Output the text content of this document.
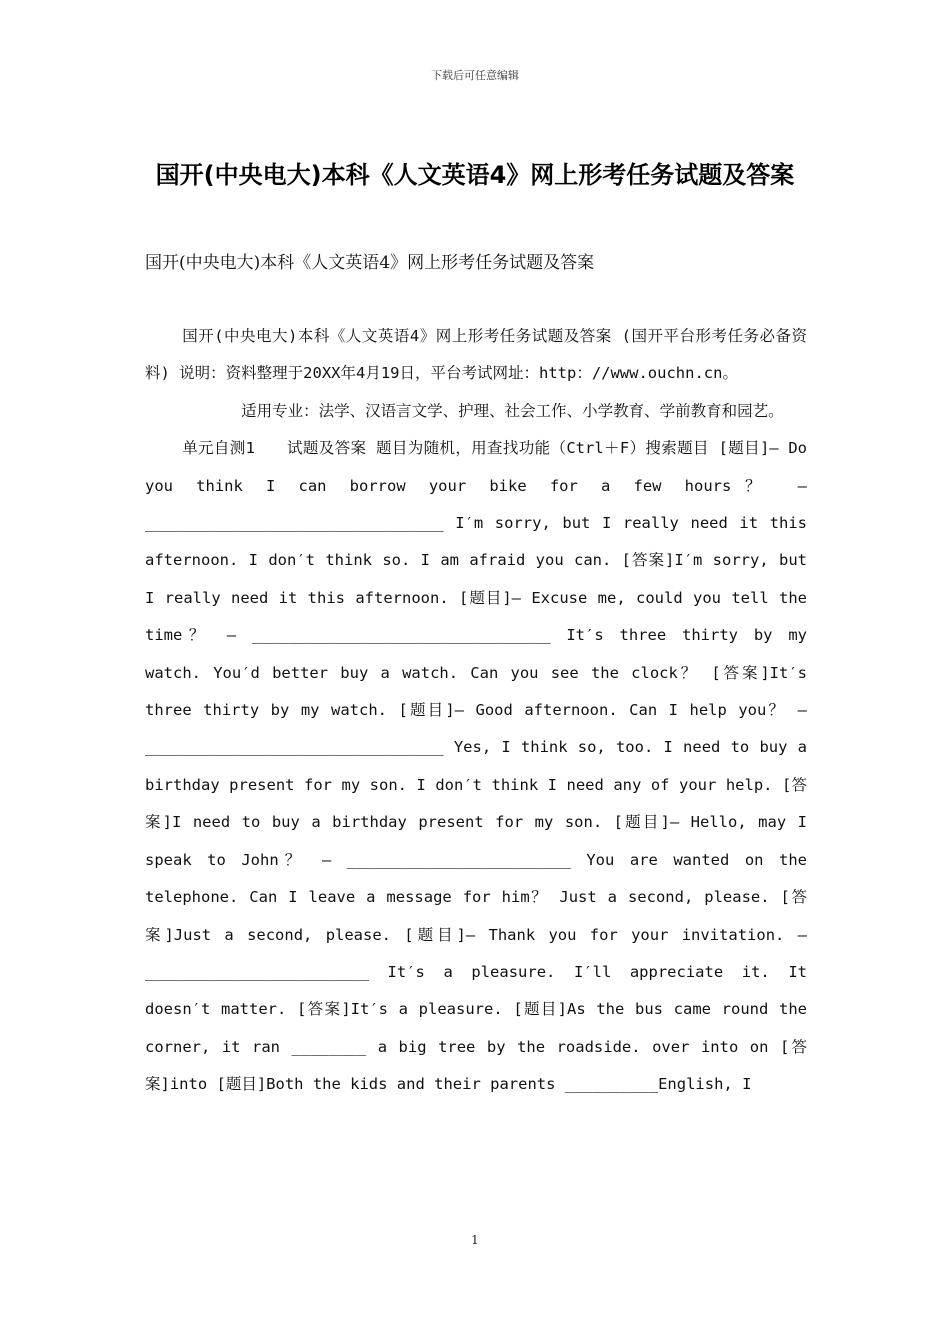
下载后可任意编辑
国开(中央电大)本科《人文英语4》网上形考任务试题及答案
国开(中央电大)本科《人文英语4》网上形考任务试题及答案

国开(中央电大)本科《人文英语4》网上形考任务试题及答案 (国开平台形考任务必备资料) 说明：资料整理于20XX年4月19日，平台考试网址：http：//www.ouchn.cn。

适用专业：法学、汉语言文学、护理、社会工作、小学教育、学前教育和园艺。

单元自测1　　试题及答案 题目为随机，用查找功能（Ctrl＋F）搜索题目 [题目]– Do you think I can borrow your bike for a few hours？ – ________________________________ I′m sorry, but I really need it this afternoon. I don′t think so. I am afraid you can. [答案]I′m sorry, but I really need it this afternoon. [题目]– Excuse me, could you tell the time？ – ________________________________ It′s three thirty by my watch. You′d better buy a watch. Can you see the clock？ [答案]It′s three thirty by my watch. [题目]– Good afternoon. Can I help you？ – ________________________________ Yes, I think so, too. I need to buy a birthday present for my son. I don′t think I need any of your help. [答案]I need to buy a birthday present for my son. [题目]– Hello, may I speak to John？ – ________________________ You are wanted on the telephone. Can I leave a message for him？ Just a second, please. [答案]Just a second, please. [题目]– Thank you for your invitation. – ________________________ It′s a pleasure. I′ll appreciate it. It doesn′t matter. [答案]It′s a pleasure. [题目]As the bus came round the corner, it ran ________ a big tree by the roadside. over into on [答案]into [题目]Both the kids and their parents __________English, I

1
